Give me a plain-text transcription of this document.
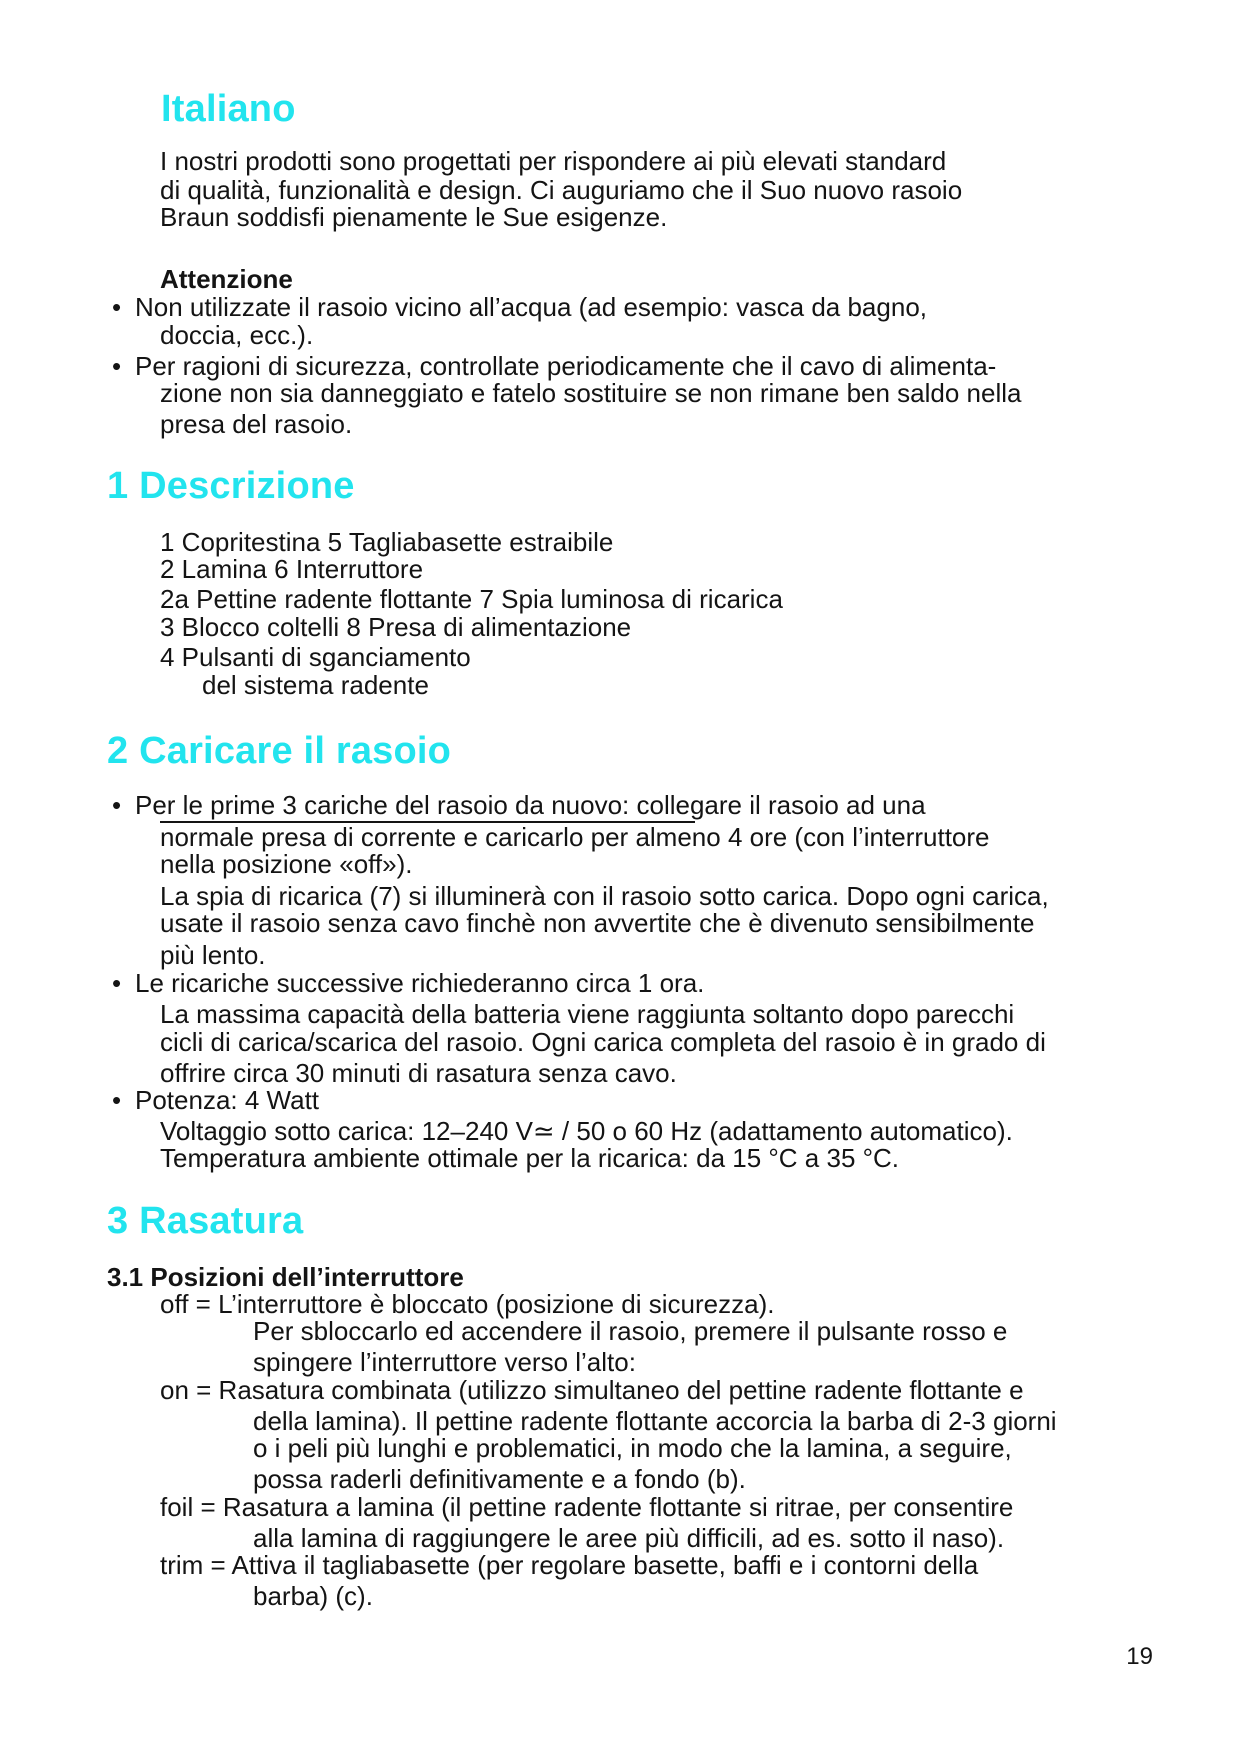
Italiano
I nostri prodotti sono progettati per rispondere ai più elevati standard
di qualità, funzionalità e design. Ci auguriamo che il Suo nuovo rasoio
Braun soddisfi pienamente le Sue esigenze.
Attenzione
• Non utilizzate il rasoio vicino all’acqua (ad esempio: vasca da bagno,
doccia, ecc.).
• Per ragioni di sicurezza, controllate periodicamente che il cavo di alimenta-
zione non sia danneggiato e fatelo sostituire se non rimane ben saldo nella
presa del rasoio.
1 Descrizione
1 Copritestina 5 Tagliabasette estraibile
2 Lamina 6 Interruttore
2a Pettine radente flottante 7 Spia luminosa di ricarica
3 Blocco coltelli 8 Presa di alimentazione
4 Pulsanti di sganciamento
del sistema radente
2 Caricare il rasoio
• Per le prime 3 cariche del rasoio da nuovo: collegare il rasoio ad una
normale presa di corrente e caricarlo per almeno 4 ore (con l’interruttore
nella posizione «off»).
La spia di ricarica (7) si illuminerà con il rasoio sotto carica. Dopo ogni carica,
usate il rasoio senza cavo finchè non avvertite che è divenuto sensibilmente
più lento.
• Le ricariche successive richiederanno circa 1 ora.
La massima capacità della batteria viene raggiunta soltanto dopo parecchi
cicli di carica/scarica del rasoio. Ogni carica completa del rasoio è in grado di
offrire circa 30 minuti di rasatura senza cavo.
• Potenza: 4 Watt
Voltaggio sotto carica: 12–240 V≃ / 50 o 60 Hz (adattamento automatico).
Temperatura ambiente ottimale per la ricarica: da 15 °C a 35 °C.
3 Rasatura
3.1 Posizioni dell’interruttore
off = L’interruttore è bloccato (posizione di sicurezza).
Per sbloccarlo ed accendere il rasoio, premere il pulsante rosso e
spingere l’interruttore verso l’alto:
on = Rasatura combinata (utilizzo simultaneo del pettine radente flottante e
della lamina). Il pettine radente flottante accorcia la barba di 2-3 giorni
o i peli più lunghi e problematici, in modo che la lamina, a seguire,
possa raderli definitivamente e a fondo (b).
foil = Rasatura a lamina (il pettine radente flottante si ritrae, per consentire
alla lamina di raggiungere le aree più difficili, ad es. sotto il naso).
trim = Attiva il tagliabasette (per regolare basette, baffi e i contorni della
barba) (c).
19
